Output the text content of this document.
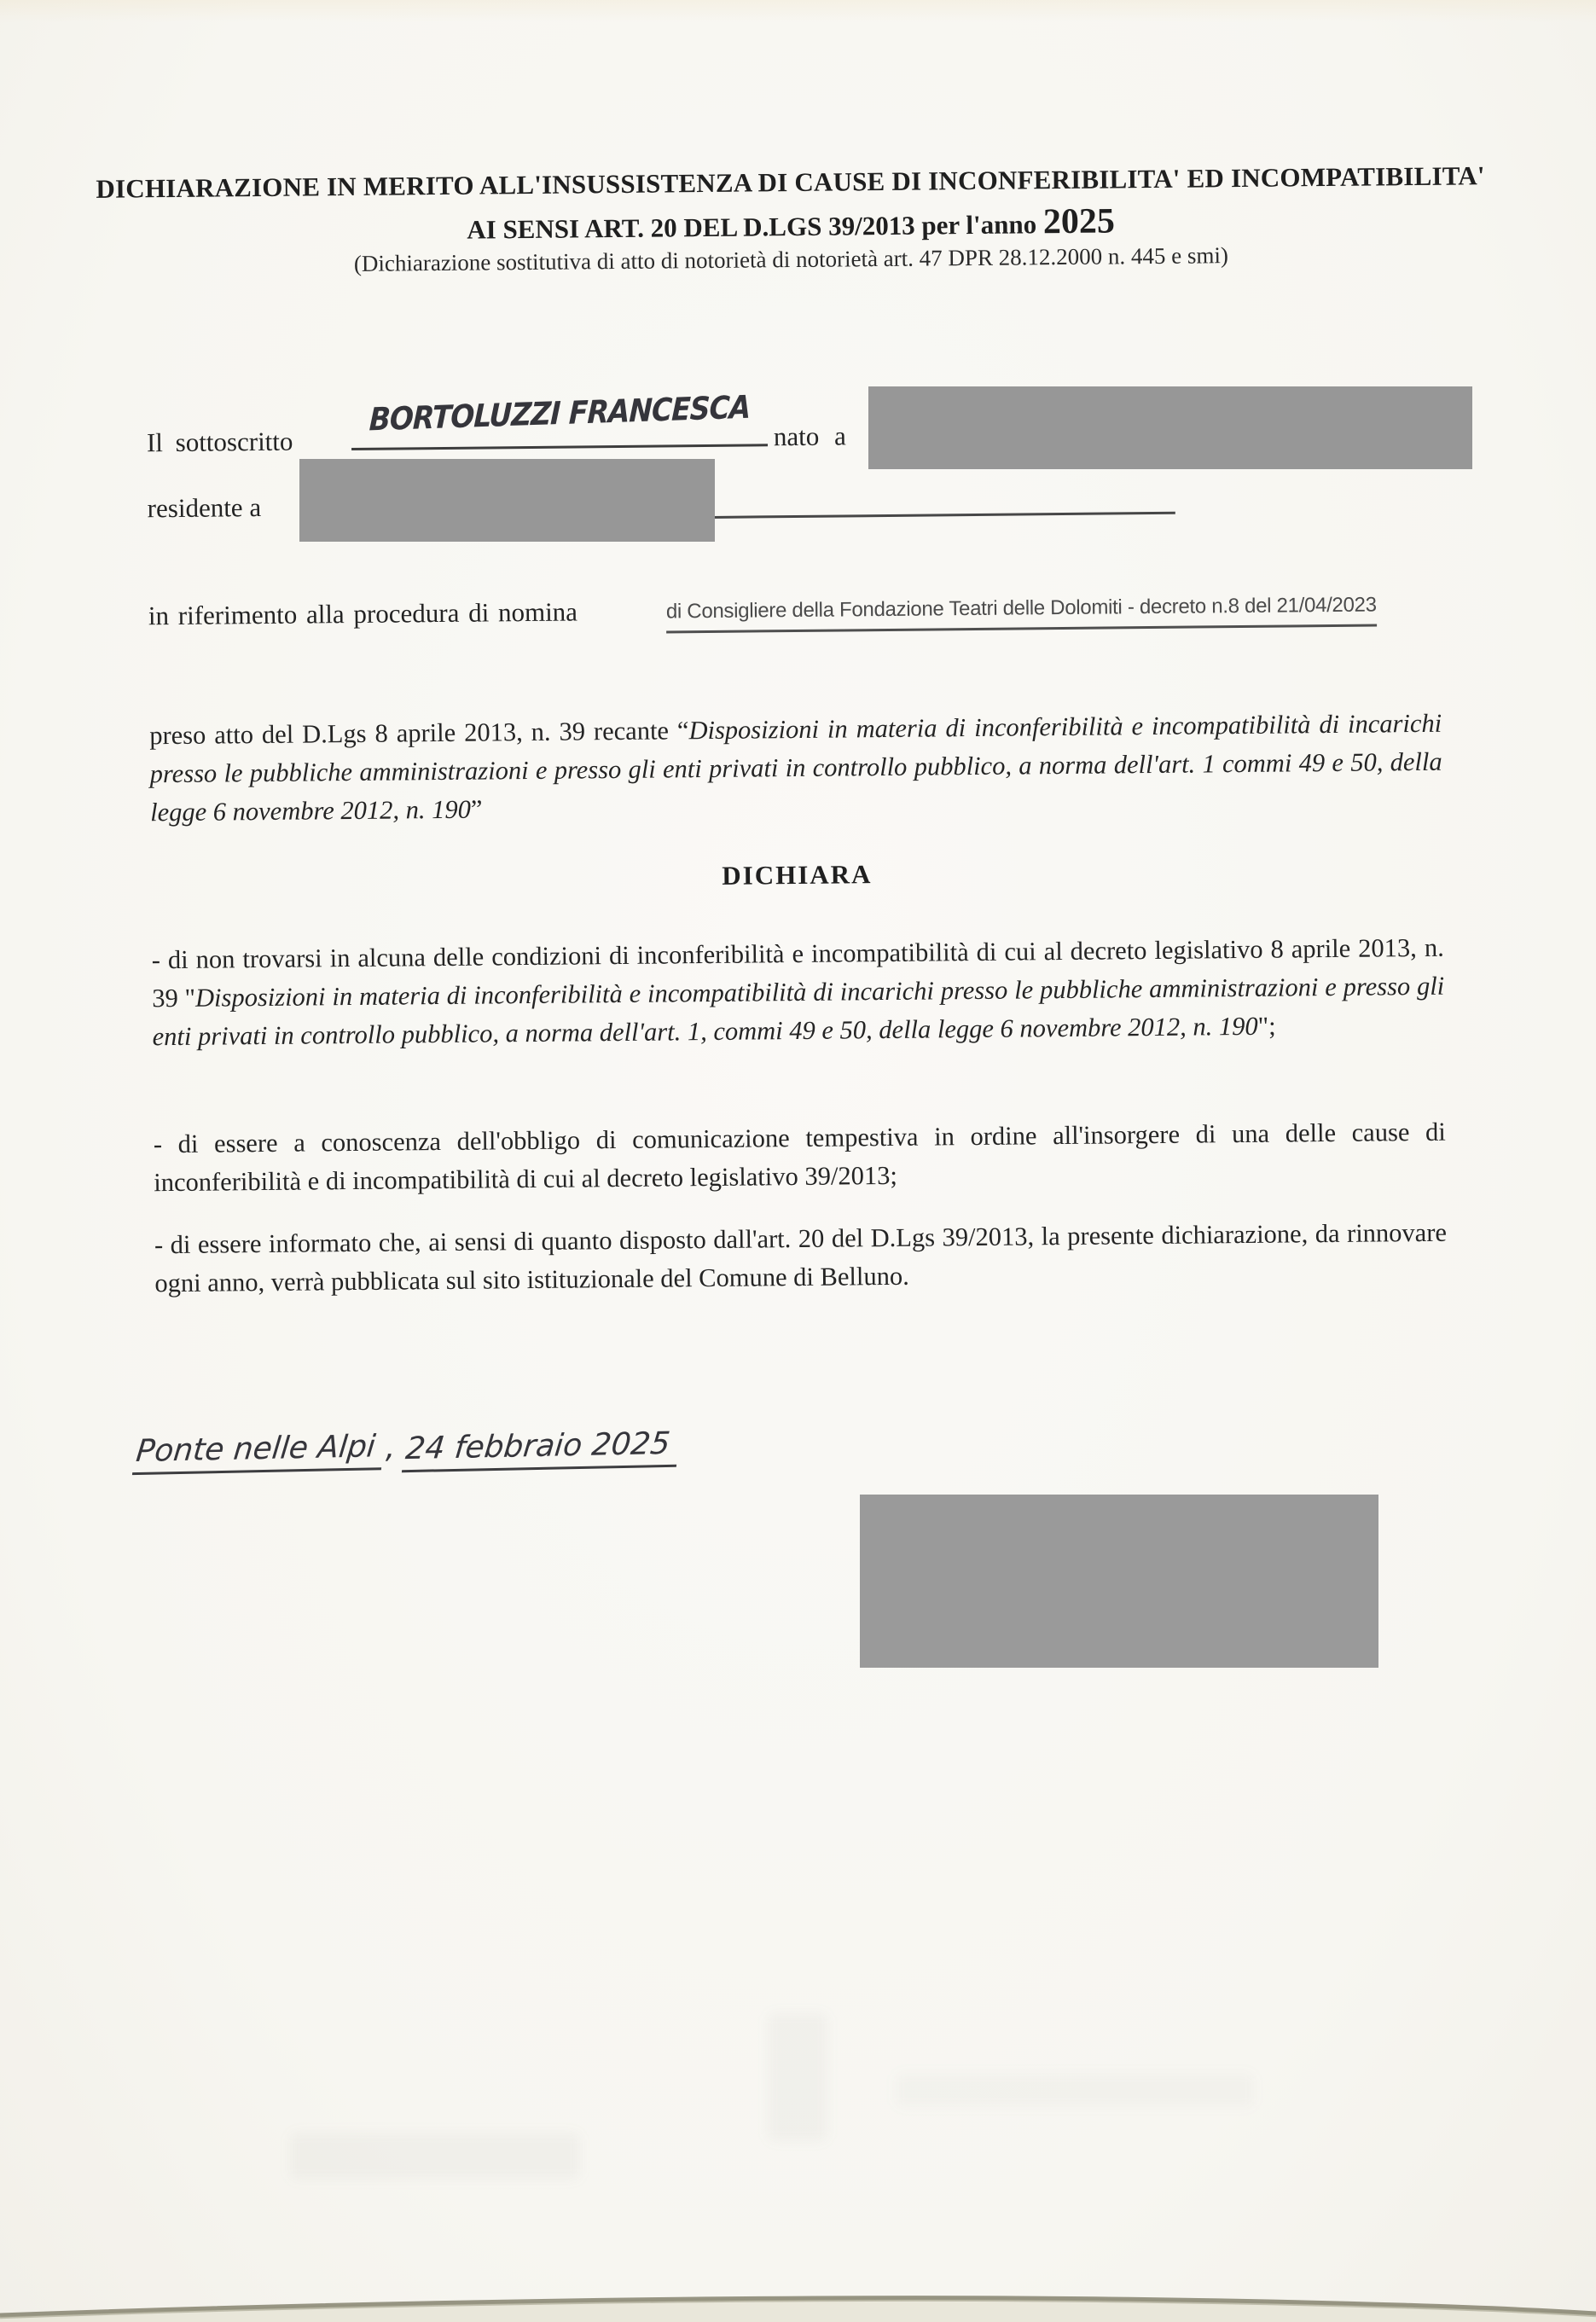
DICHIARAZIONE IN MERITO ALL'INSUSSISTENZA DI CAUSE DI INCONFERIBILITA' ED INCOMPATIBILITA'
AI SENSI ART. 20 DEL D.LGS 39/2013 per l'anno 2025
(Dichiarazione sostitutiva di atto di notorietà di notorietà art. 47 DPR 28.12.2000 n. 445 e smi)
Il sottoscritto
BORTOLUZZI FRANCESCA nato a
residente a
in riferimento alla procedura di nomina	di Consigliere della Fondazione Teatri delle Dolomiti - decreto n.8 del 21/04/2023
preso atto del D.Lgs 8 aprile 2013, n. 39 recante “Disposizioni in materia di inconferibilità e incompatibilità di incarichi presso le pubbliche amministrazioni e presso gli enti privati in controllo pubblico, a norma dell'art. 1 commi 49 e 50, della legge 6 novembre 2012, n. 190”
DICHIARA
- di non trovarsi in alcuna delle condizioni di inconferibilità e incompatibilità di cui al decreto legislativo 8 aprile 2013, n. 39 "Disposizioni in materia di inconferibilità e incompatibilità di incarichi presso le pubbliche amministrazioni e presso gli enti privati in controllo pubblico, a norma dell'art. 1, commi 49 e 50, della legge 6 novembre 2012, n. 190";
- di essere a conoscenza dell'obbligo di comunicazione tempestiva in ordine all'insorgere di una delle cause di inconferibilità e di incompatibilità di cui al decreto legislativo 39/2013;
- di essere informato che, ai sensi di quanto disposto dall'art. 20 del D.Lgs 39/2013, la presente dichiarazione, da rinnovare ogni anno, verrà pubblicata sul sito istituzionale del Comune di Belluno.
Ponte nelle Alpi , 24 febbraio 2025
